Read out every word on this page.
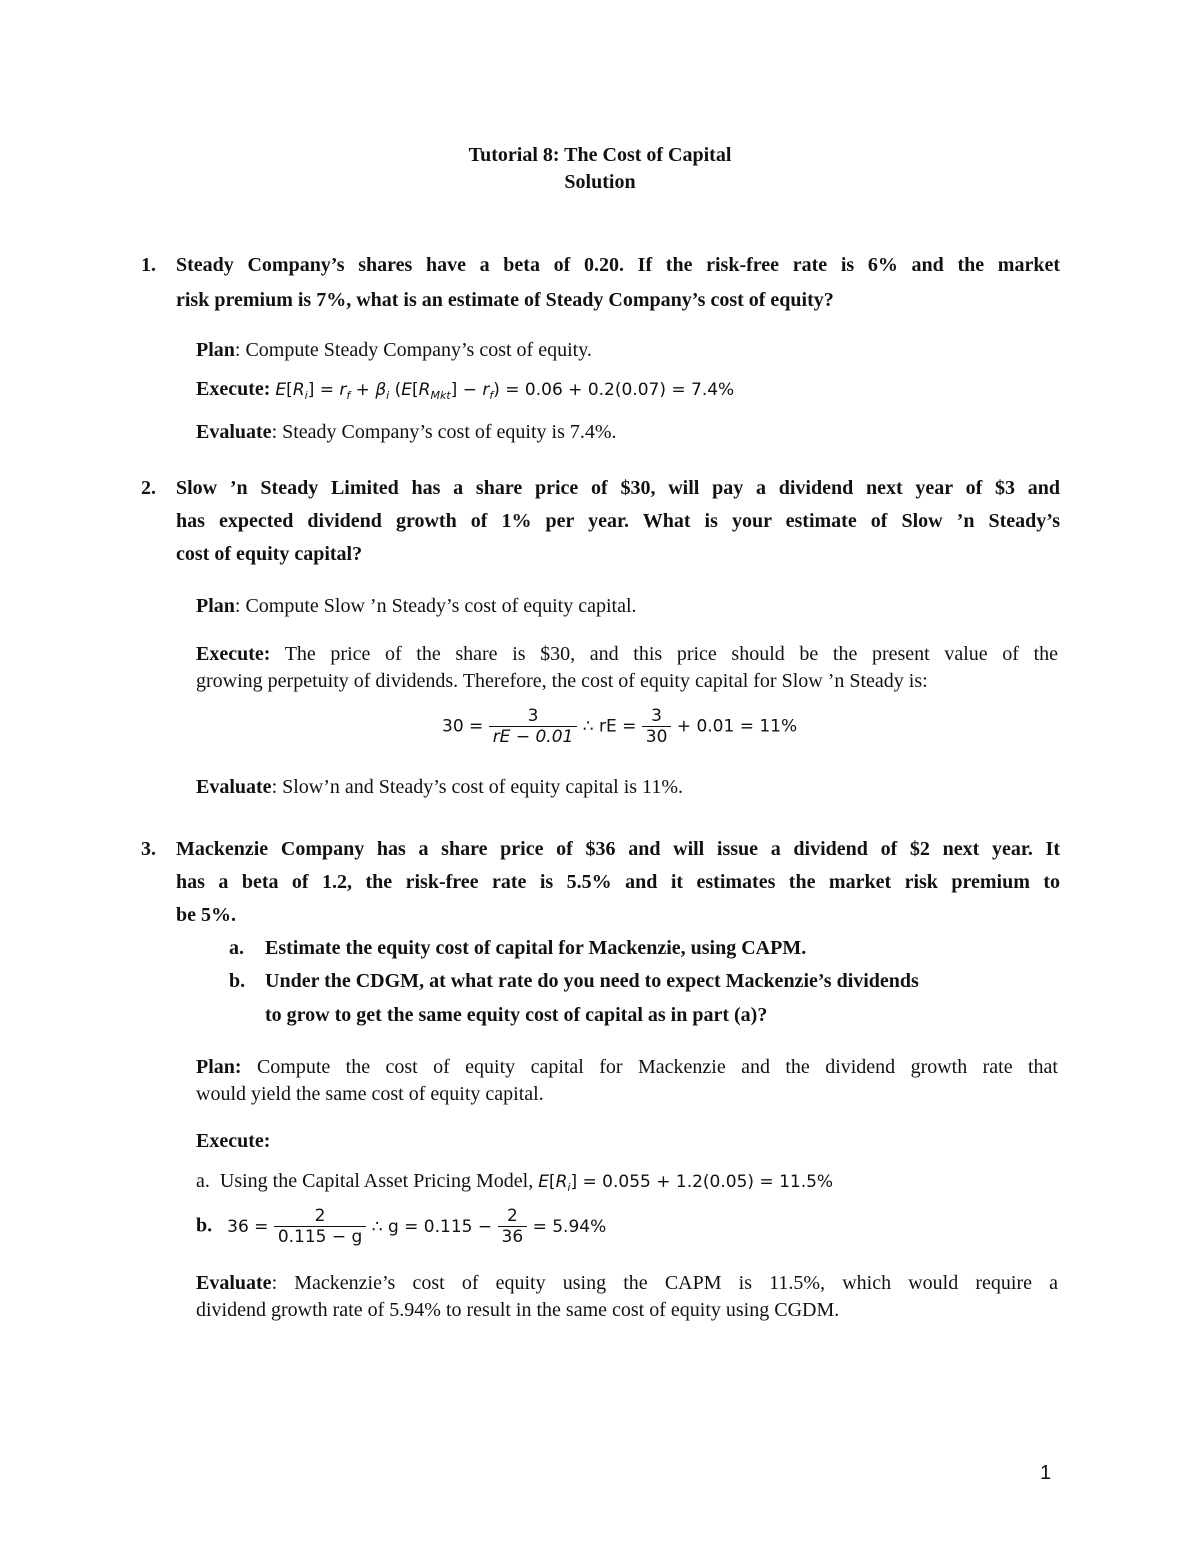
Tutorial 8: The Cost of Capital
Solution
1. Steady Company’s shares have a beta of 0.20. If the risk-free rate is 6% and the market
risk premium is 7%, what is an estimate of Steady Company’s cost of equity?
Plan: Compute Steady Company’s cost of equity.
Execute: $E[R_i] = r_f + \beta_i$ $(E[R_{Mkt}] - r_f) = 0.06 + 0.2(0.07) = 7.4\%$
Evaluate: Steady Company’s cost of equity is 7.4%.
2. Slow ’n Steady Limited has a share price of $30, will pay a dividend next year of $3 and
has expected dividend growth of 1% per year. What is your estimate of Slow ’n Steady’s
cost of equity capital?
Plan: Compute Slow ’n Steady’s cost of equity capital.
Execute: The price of the share is $30, and this price should be the present value of the
growing perpetuity of dividends. Therefore, the cost of equity capital for Slow ’n Steady is:
$30 = \frac{3}{rE - 0.01}$ ∴ rE = $\frac{3}{30} + 0.01 = 11\%$
Evaluate: Slow’n and Steady’s cost of equity capital is 11%.
3. Mackenzie Company has a share price of $36 and will issue a dividend of $2 next year. It
has a beta of 1.2, the risk-free rate is 5.5% and it estimates the market risk premium to
be 5%.
a. Estimate the equity cost of capital for Mackenzie, using CAPM.
b. Under the CDGM, at what rate do you need to expect Mackenzie’s dividends
to grow to get the same equity cost of capital as in part (a)?
Plan: Compute the cost of equity capital for Mackenzie and the dividend growth rate that
would yield the same cost of equity capital.
Execute:
a. Using the Capital Asset Pricing Model, $E[R_i] = 0.055 + 1.2(0.05) = 11.5\%$
b. $36 = \frac{2}{0.115 - g}$ ∴ $g = 0.115 - \frac{2}{36} = 5.94\%$
Evaluate: Mackenzie’s cost of equity using the CAPM is 11.5%, which would require a
dividend growth rate of 5.94% to result in the same cost of equity using CGDM.
1
